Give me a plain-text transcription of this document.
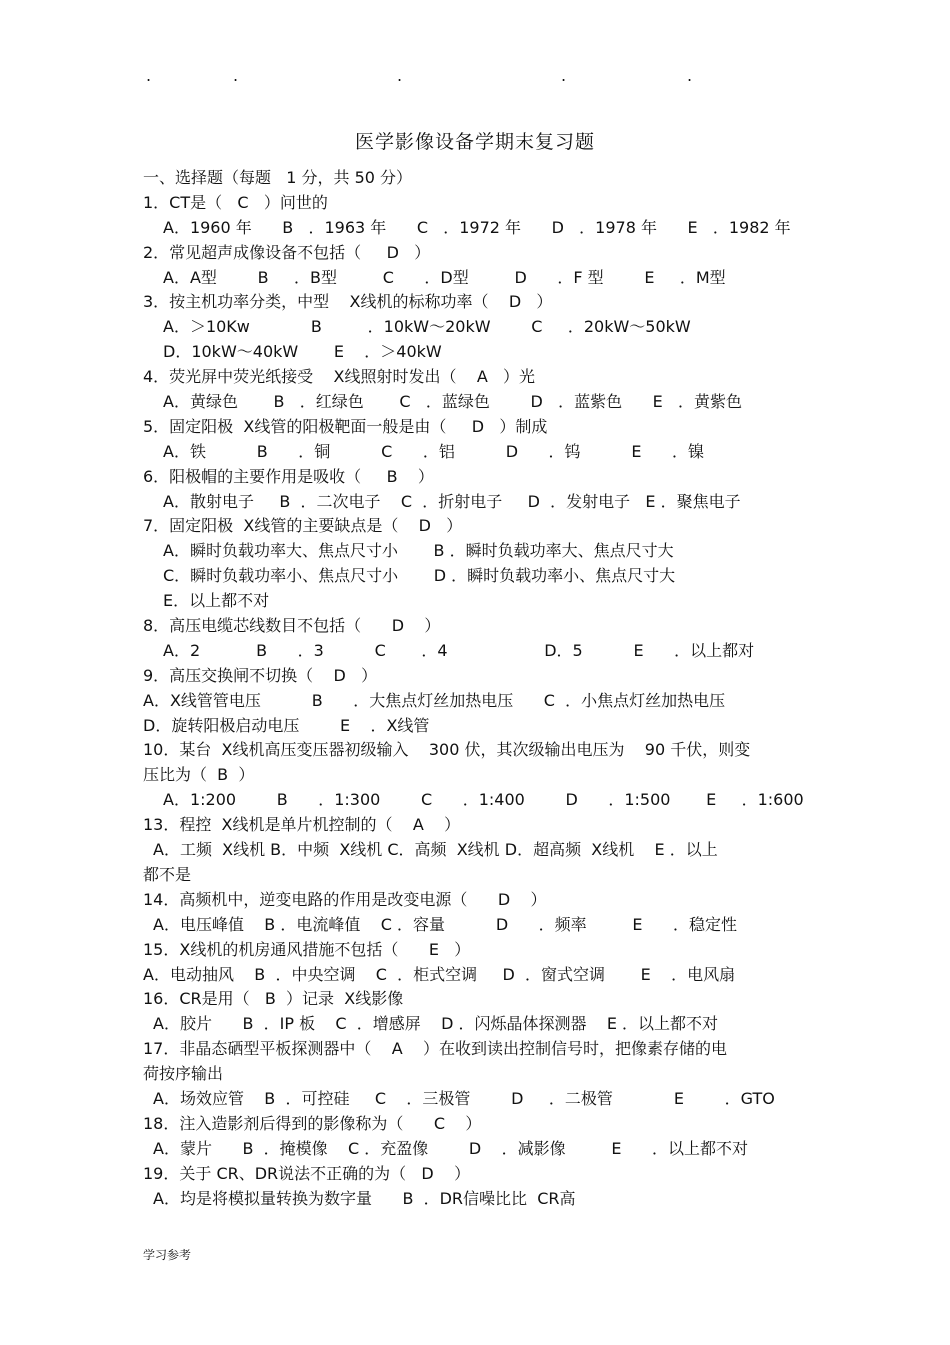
.	.	.	.	.
医学影像设备学期末复习题
一、选择题（每题   1 分，共 50 分）
1．CT是（   C   ）问世的
A．1960 年      B   ．1963 年      C   ．1972 年      D   ．1978 年      E   ．1982 年
2．常见超声成像设备不包括（     D   ）
A．A型        B     ．B型         C      ．D型         D      ．F 型        E     ．M型
3．按主机功率分类，中型    X线机的标称功率（    D   ）
A．＞10Kw            B         ．10kW～20kW        C     ．20kW～50kW
D．10kW～40kW       E    ．＞40kW
4．荧光屏中荧光纸接受    X线照射时发出（    A   ）光
A．黄绿色       B   ．红绿色       C   ．蓝绿色        D   ．蓝紫色      E   ．黄紫色
5．固定阳极  X线管的阳极靶面一般是由（     D   ）制成
A．铁          B      ．铜          C      ．铝          D      ．钨          E      ．镍
6．阳极帽的主要作用是吸收（     B    ）
A．散射电子     B  ．二次电子    C  ．折射电子     D  ．发射电子   E ．聚焦电子
7．固定阳极  X线管的主要缺点是（    D   ）
A．瞬时负载功率大、焦点尺寸小       B ．瞬时负载功率大、焦点尺寸大
C．瞬时负载功率小、焦点尺寸小       D ．瞬时负载功率小、焦点尺寸大
E．以上都不对
8．高压电缆芯线数目不包括（      D    ）
A．2           B      ．3          C       ．4                   D．5          E      ．以上都对
9．高压交换闸不切换（    D   ）
A．X线管管电压          B      ．大焦点灯丝加热电压      C  ．小焦点灯丝加热电压
D．旋转阳极启动电压        E    ．X线管
10．某台  X线机高压变压器初级输入    300 伏，其次级输出电压为    90 千伏，则变
压比为（  B  ）
A．1:200        B      ．1:300        C      ．1:400        D      ．1:500       E     ．1:600
13．程控  X线机是单片机控制的（    A    ）
A．工频  X线机 B．中频  X线机 C．高频  X线机 D．超高频  X线机    E ．以上
都不是
14．高频机中，逆变电路的作用是改变电源（      D    ）
A．电压峰值    B ．电流峰值    C ．容量          D      ．频率         E      ．稳定性
15．X线机的机房通风措施不包括（      E   ）
A．电动抽风    B  ．中央空调    C  ．柜式空调     D  ．窗式空调       E    ．电风扇
16．CR是用（   B  ）记录  X线影像
A．胶片      B  ．IP 板    C  ．增感屏    D ．闪烁晶体探测器    E ．以上都不对
17．非晶态硒型平板探测器中（    A    ）在收到读出控制信号时，把像素存储的电
荷按序输出
A．场效应管    B  ．可控硅     C    ．三极管        D     ．二极管            E        ．GTO
18．注入造影剂后得到的影像称为（      C    ）
A．蒙片      B  ．掩模像    C ．充盈像        D    ．减影像         E      ．以上都不对
19．关于 CR、DR说法不正确的为（   D    ）
A．均是将模拟量转换为数字量      B  ．DR信噪比比  CR高
学习参考
